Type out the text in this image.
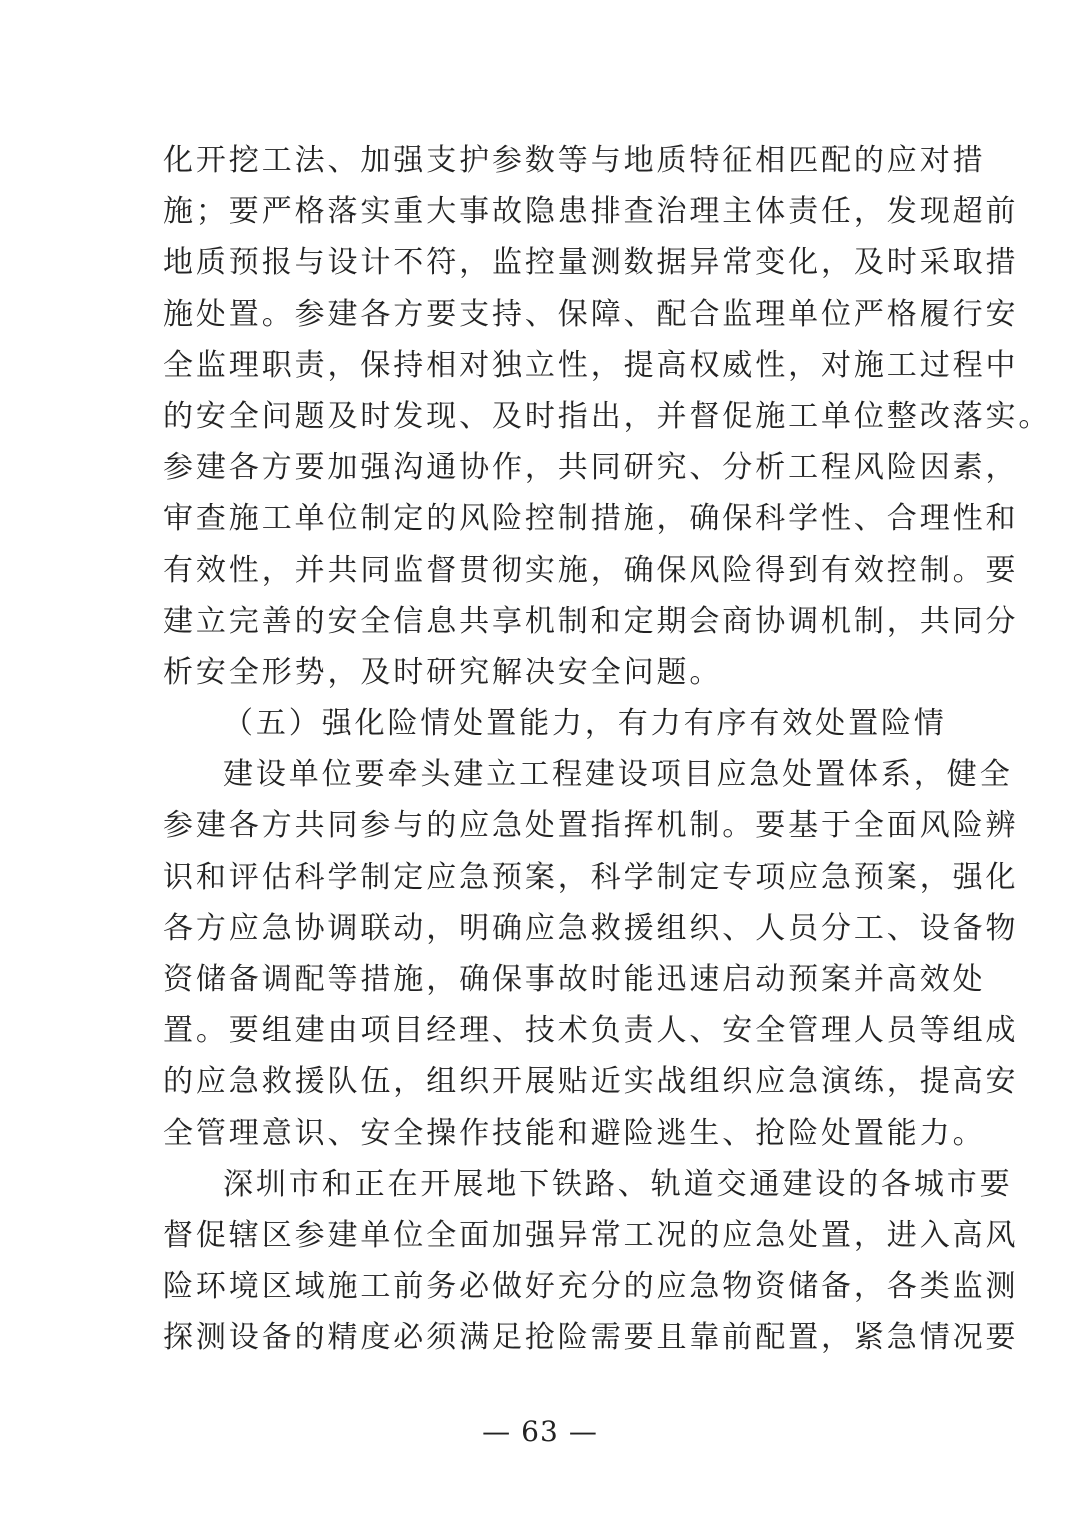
化开挖工法、加强支护参数等与地质特征相匹配的应对措
施；要严格落实重大事故隐患排查治理主体责任，发现超前
地质预报与设计不符，监控量测数据异常变化，及时采取措
施处置。参建各方要支持、保障、配合监理单位严格履行安
全监理职责，保持相对独立性，提高权威性，对施工过程中
的安全问题及时发现、及时指出，并督促施工单位整改落实。
参建各方要加强沟通协作，共同研究、分析工程风险因素，
审查施工单位制定的风险控制措施，确保科学性、合理性和
有效性，并共同监督贯彻实施，确保风险得到有效控制。要
建立完善的安全信息共享机制和定期会商协调机制，共同分
析安全形势，及时研究解决安全问题。
（五）强化险情处置能力，有力有序有效处置险情
建设单位要牵头建立工程建设项目应急处置体系，健全
参建各方共同参与的应急处置指挥机制。要基于全面风险辨
识和评估科学制定应急预案，科学制定专项应急预案，强化
各方应急协调联动，明确应急救援组织、人员分工、设备物
资储备调配等措施，确保事故时能迅速启动预案并高效处
置。要组建由项目经理、技术负责人、安全管理人员等组成
的应急救援队伍，组织开展贴近实战组织应急演练，提高安
全管理意识、安全操作技能和避险逃生、抢险处置能力。
深圳市和正在开展地下铁路、轨道交通建设的各城市要
督促辖区参建单位全面加强异常工况的应急处置，进入高风
险环境区域施工前务必做好充分的应急物资储备，各类监测
探测设备的精度必须满足抢险需要且靠前配置，紧急情况要
— 63 —
